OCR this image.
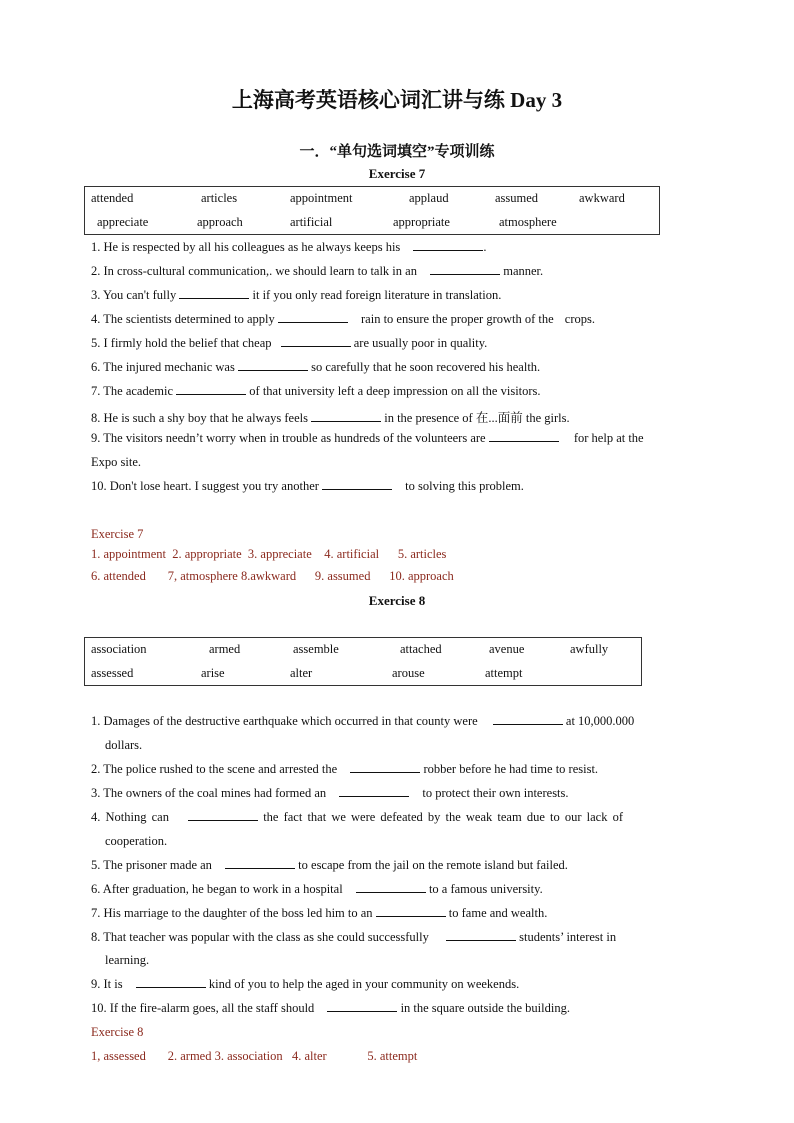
上海高考英语核心词汇讲与练 Day 3
一．“单句选词填空”专项训练
Exercise 7
attended	articles	appointment	applaud	assumed	awkward
appreciate	approach	artificial	appropriate	atmosphere
1. He is respected by all his colleagues as he always keeps his	.
2. In cross-cultural communication,. we should learn to talk in an	manner.
3. You can't fully	it if you only read foreign literature in translation.
4. The scientists determined to apply	rain to ensure the proper growth of the crops.
5. I firmly hold the belief that cheap	are usually poor in quality.
6. The injured mechanic was	so carefully that he soon recovered his health.
7. The academic	of that university left a deep impression on all the visitors.
8. He is such a shy boy that he always feels	in the presence of 在...面前 the girls.
9. The visitors needn’t worry when in trouble as hundreds of the volunteers are	for help at the
Expo site.
10. Don't lose heart. I suggest you try another	to solving this problem.
Exercise 7
1. appointment  2. appropriate  3. appreciate    4. artificial      5. articles
6. attended       7, atmosphere 8.awkward      9. assumed      10. approach
Exercise 8
association	armed	assemble	attached	avenue	awfully
assessed	arise	alter	arouse	attempt
1. Damages of the destructive earthquake which occurred in that county were	at 10,000.000
dollars.
2. The police rushed to the scene and arrested the	robber before he had time to resist.
3. The owners of the coal mines had formed an	to protect their own interests.
4. Nothing can	the fact that we were defeated by the weak team due to our lack of
cooperation.
5. The prisoner made an	to escape from the jail on the remote island but failed.
6. After graduation, he began to work in a hospital	to a famous university.
7. His marriage to the daughter of the boss led him to an	to fame and wealth.
8. That teacher was popular with the class as she could successfully	students’ interest in
learning.
9. It is	kind of you to help the aged in your community on weekends.
10. If the fire-alarm goes, all the staff should	in the square outside the building.
Exercise 8
1, assessed       2. armed 3. association   4. alter             5. attempt
